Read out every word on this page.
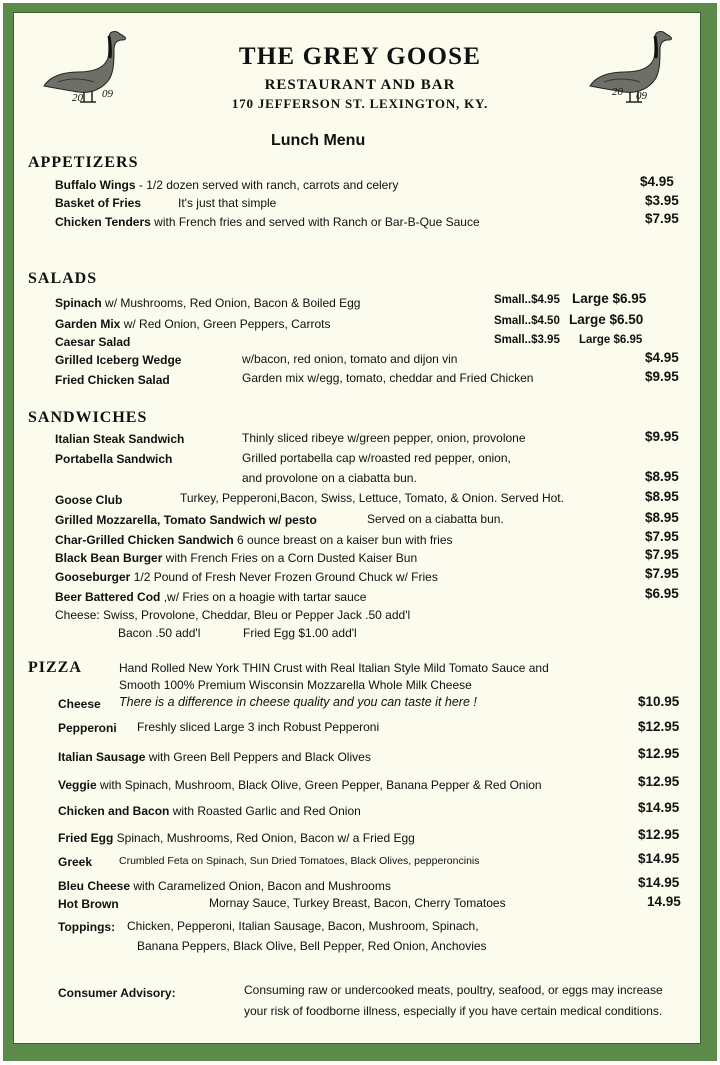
20 09	20 09
THE GREY GOOSE
RESTAURANT AND BAR
170 JEFFERSON ST. LEXINGTON, KY.
Lunch Menu
APPETIZERS
Buffalo Wings - 1/2 dozen served with ranch, carrots and celery	$4.95
Basket of Fries	It's just that simple	$3.95
Chicken Tenders with French fries and served with Ranch or Bar-B-Que Sauce	$7.95
SALADS
Spinach w/ Mushrooms, Red Onion, Bacon & Boiled Egg	Small..$4.95 Large $6.95
Garden Mix w/ Red Onion, Green Peppers, Carrots	Small..$4.50 Large $6.50
Caesar Salad	Small..$3.95 Large $6.95
Grilled Iceberg Wedge	w/bacon, red onion, tomato and dijon vin	$4.95
Fried Chicken Salad	Garden mix w/egg, tomato, cheddar and Fried Chicken	$9.95
SANDWICHES
Italian Steak Sandwich	Thinly sliced ribeye w/green pepper, onion, provolone	$9.95
Portabella Sandwich	Grilled portabella cap w/roasted red pepper, onion,
and provolone on a ciabatta bun.	$8.95
Goose Club	Turkey, Pepperoni,Bacon, Swiss, Lettuce, Tomato, & Onion. Served Hot.	$8.95
Grilled Mozzarella, Tomato Sandwich w/ pesto	Served on a ciabatta bun.	$8.95
Char-Grilled Chicken Sandwich 6 ounce breast on a kaiser bun with fries	$7.95
Black Bean Burger with French Fries on a Corn Dusted Kaiser Bun	$7.95
Gooseburger 1/2 Pound of Fresh Never Frozen Ground Chuck w/ Fries	$7.95
Beer Battered Cod ,w/ Fries on a hoagie with tartar sauce	$6.95
Cheese: Swiss, Provolone, Cheddar, Bleu or Pepper Jack .50 add'l
Bacon .50 add'l	Fried Egg $1.00 add'l
PIZZA	Hand Rolled New York THIN Crust with Real Italian Style Mild Tomato Sauce and
Smooth 100% Premium Wisconsin Mozzarella Whole Milk Cheese
Cheese There is a difference in cheese quality and you can taste it here !	$10.95
Pepperoni Freshly sliced Large 3 inch Robust Pepperoni	$12.95
Italian Sausage with Green Bell Peppers and Black Olives	$12.95
Veggie with Spinach, Mushroom, Black Olive, Green Pepper, Banana Pepper & Red Onion	$12.95
Chicken and Bacon with Roasted Garlic and Red Onion	$14.95
Fried Egg Spinach, Mushrooms, Red Onion, Bacon w/ a Fried Egg	$12.95
Greek	Crumbled Feta on Spinach, Sun Dried Tomatoes, Black Olives, pepperoncinis	$14.95
Bleu Cheese with Caramelized Onion, Bacon and Mushrooms	$14.95
Hot Brown	Mornay Sauce, Turkey Breast, Bacon, Cherry Tomatoes	14.95
Toppings: Chicken, Pepperoni, Italian Sausage, Bacon, Mushroom, Spinach,
Banana Peppers, Black Olive, Bell Pepper, Red Onion, Anchovies
Consumer Advisory:	Consuming raw or undercooked meats, poultry, seafood, or eggs may increase
your risk of foodborne illness, especially if you have certain medical conditions.
